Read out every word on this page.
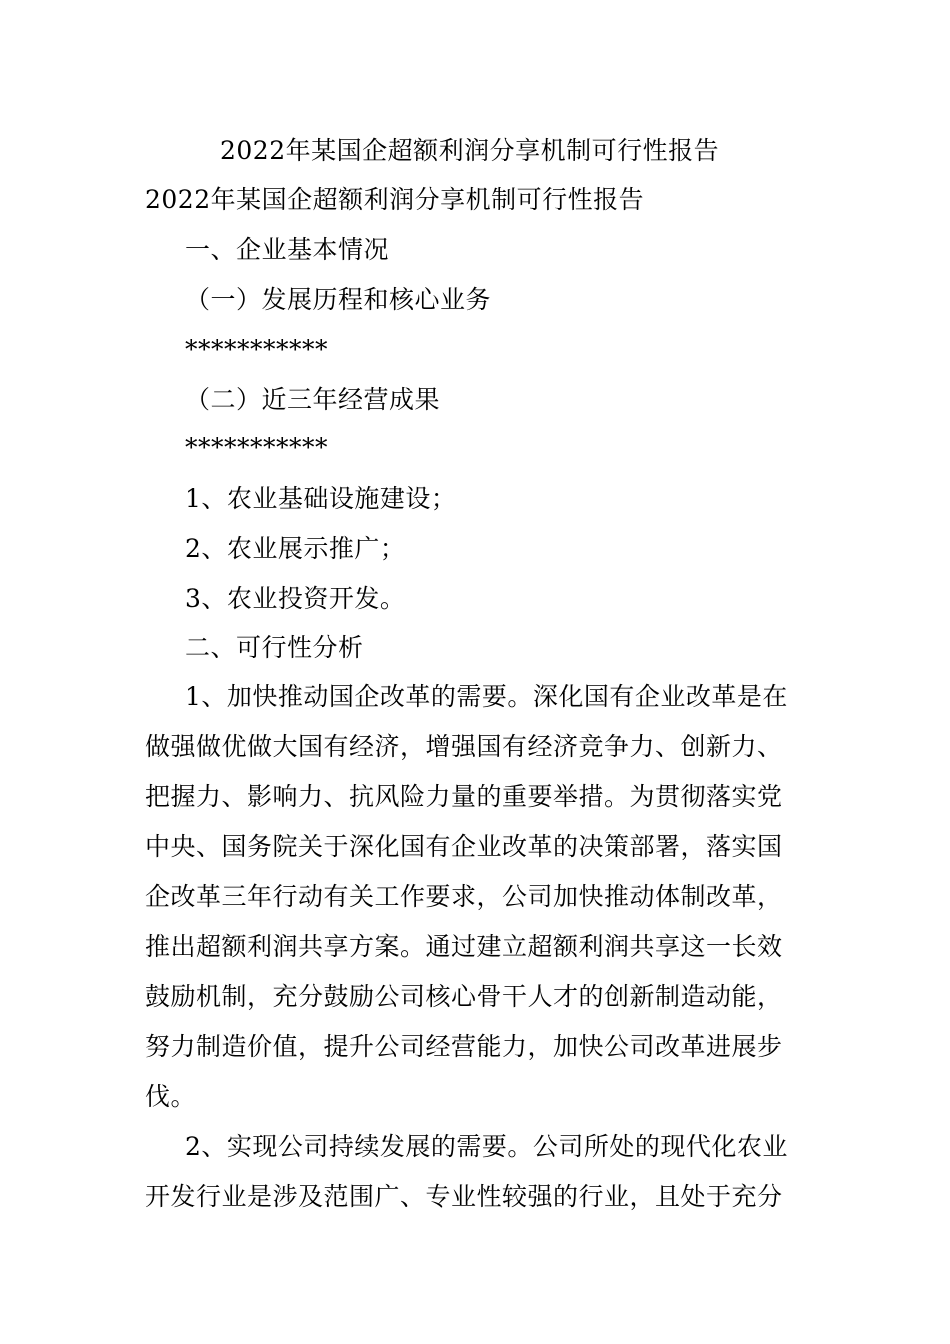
2022年某国企超额利润分享机制可行性报告
2022年某国企超额利润分享机制可行性报告
一、企业基本情况
（一）发展历程和核心业务
***********
（二）近三年经营成果
***********
1、农业基础设施建设；
2、农业展示推广；
3、农业投资开发。
二、可行性分析
1、加快推动国企改革的需要。深化国有企业改革是在
做强做优做大国有经济，增强国有经济竞争力、创新力、
把握力、影响力、抗风险力量的重要举措。为贯彻落实党
中央、国务院关于深化国有企业改革的决策部署，落实国
企改革三年行动有关工作要求，公司加快推动体制改革，
推出超额利润共享方案。通过建立超额利润共享这一长效
鼓励机制，充分鼓励公司核心骨干人才的创新制造动能，
努力制造价值，提升公司经营能力，加快公司改革进展步
伐。
2、实现公司持续发展的需要。公司所处的现代化农业
开发行业是涉及范围广、专业性较强的行业，且处于充分
